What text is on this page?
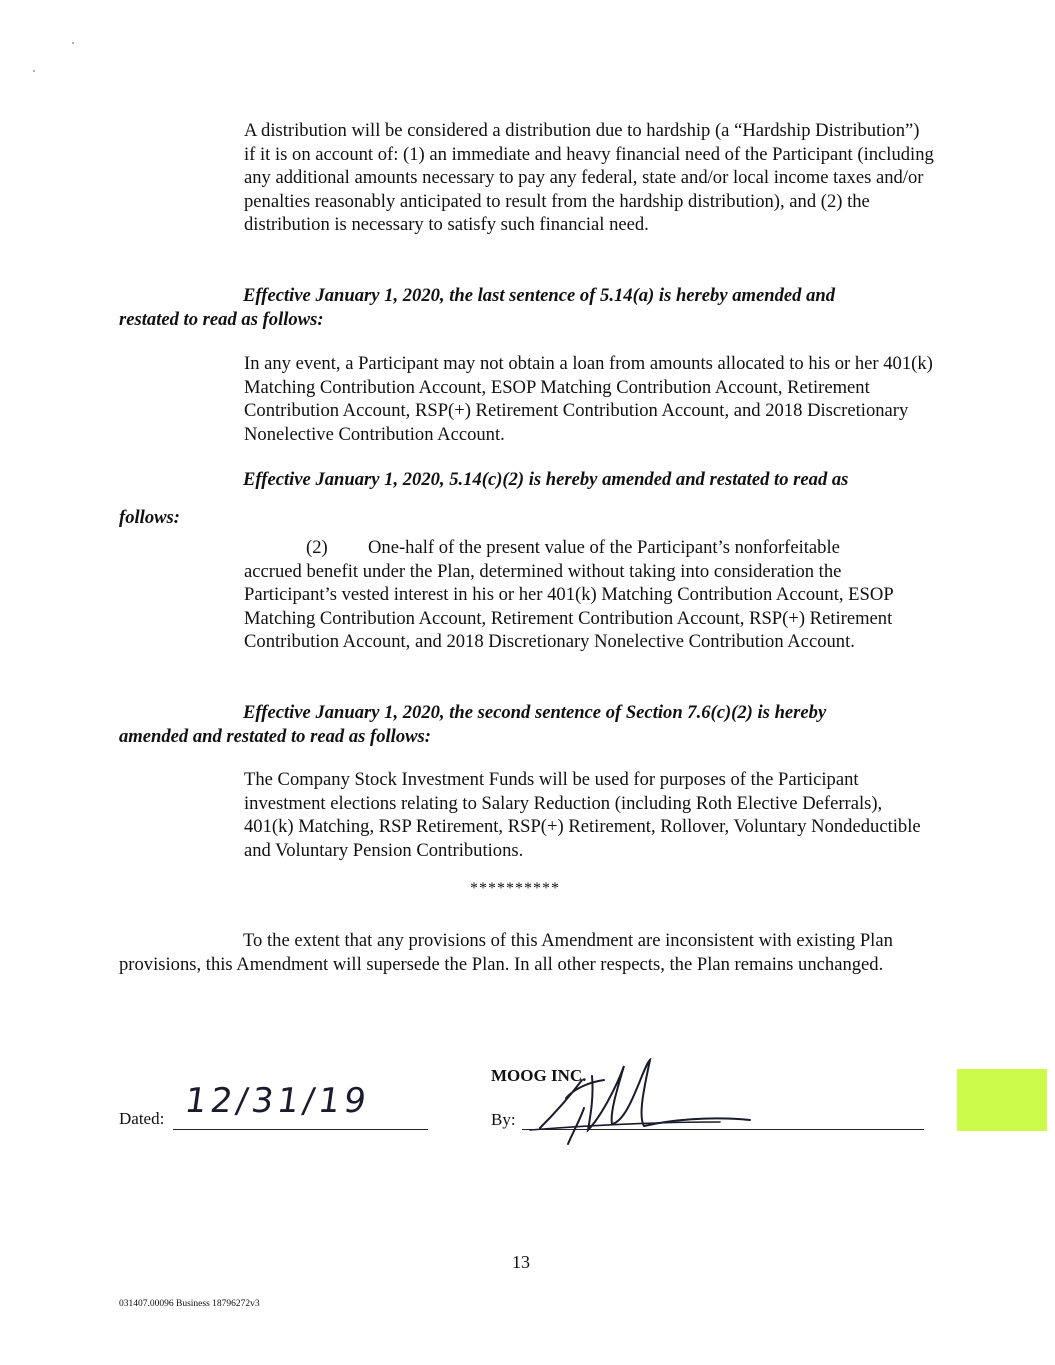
A distribution will be considered a distribution due to hardship (a “Hardship Distribution”) if it is on account of: (1) an immediate and heavy financial need of the Participant (including any additional amounts necessary to pay any federal, state and/or local income taxes and/or penalties reasonably anticipated to result from the hardship distribution), and (2) the distribution is necessary to satisfy such financial need.

Effective January 1, 2020, the last sentence of 5.14(a) is hereby amended and
restated to read as follows:

In any event, a Participant may not obtain a loan from amounts allocated to his or her 401(k) Matching Contribution Account, ESOP Matching Contribution Account, Retirement Contribution Account, RSP(+) Retirement Contribution Account, and 2018 Discretionary Nonelective Contribution Account.

Effective January 1, 2020, 5.14(c)(2) is hereby amended and restated to read as
follows:
(2) One-half of the present value of the Participant’s nonforfeitable
accrued benefit under the Plan, determined without taking into consideration the Participant’s vested interest in his or her 401(k) Matching Contribution Account, ESOP Matching Contribution Account, Retirement Contribution Account, RSP(+) Retirement Contribution Account, and 2018 Discretionary Nonelective Contribution Account.
Effective January 1, 2020, the second sentence of Section 7.6(c)(2) is hereby
amended and restated to read as follows:

The Company Stock Investment Funds will be used for purposes of the Participant investment elections relating to Salary Reduction (including Roth Elective Deferrals), 401(k) Matching, RSP Retirement, RSP(+) Retirement, Rollover, Voluntary Nondeductible and Voluntary Pension Contributions.

**********

To the extent that any provisions of this Amendment are inconsistent with existing Plan provisions, this Amendment will supersede the Plan. In all other respects, the Plan remains unchanged.

Dated: 12/31/19
MOOG INC.
By:
13
031407.00096 Business 18796272v3
